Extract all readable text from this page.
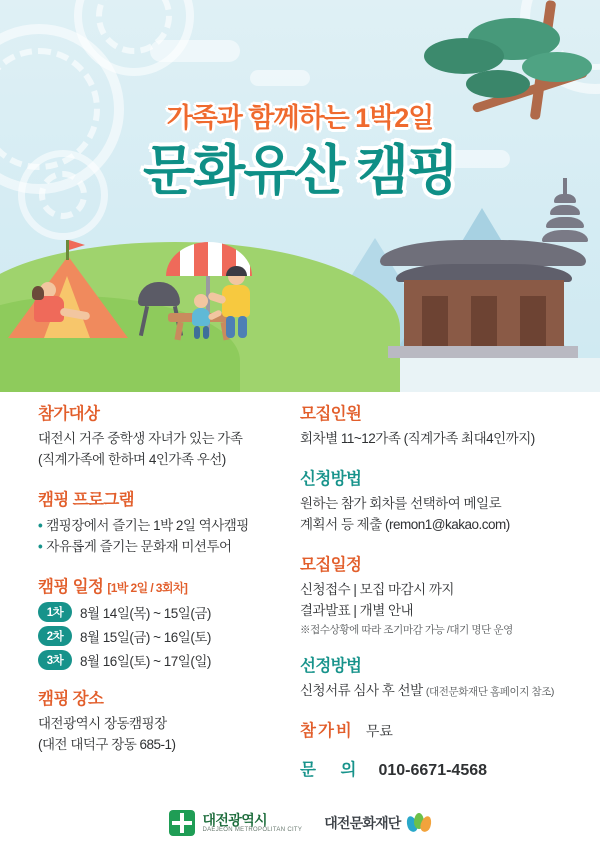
가족과 함께하는 1박2일
문화유산 캠핑
참가대상
대전시 거주 중학생 자녀가 있는 가족
(직계가족에 한하며 4인가족 우선)
캠핑 프로그램
• 캠핑장에서 즐기는 1박 2일 역사캠핑
• 자유롭게 즐기는 문화재 미션투어
캠핑 일정 [1박 2일 / 3회차]
1차	8월 14일(목) ~ 15일(금)
2차	8월 15일(금) ~ 16일(토)
3차	8월 16일(토) ~ 17일(일)
캠핑 장소
대전광역시 장동캠핑장
(대전 대덕구 장동 685-1)
모집인원
회차별 11~12가족 (직계가족 최대4인까지)
신청방법
원하는 참가 회차를 선택하여 메일로
계획서 등 제출 (remon1@kakao.com)
모집일정
신청접수 | 모집 마감시 까지
결과발표 | 개별 안내
※접수상황에 따라 조기마감 가능 /대기 명단 운영
선정방법
신청서류 심사 후 선발 (대전문화재단 홈페이지 참조)
참가비 무료
문 의 010-6671-4568
대전광역시
DAEJEON METROPOLITAN CITY 대전문화재단
